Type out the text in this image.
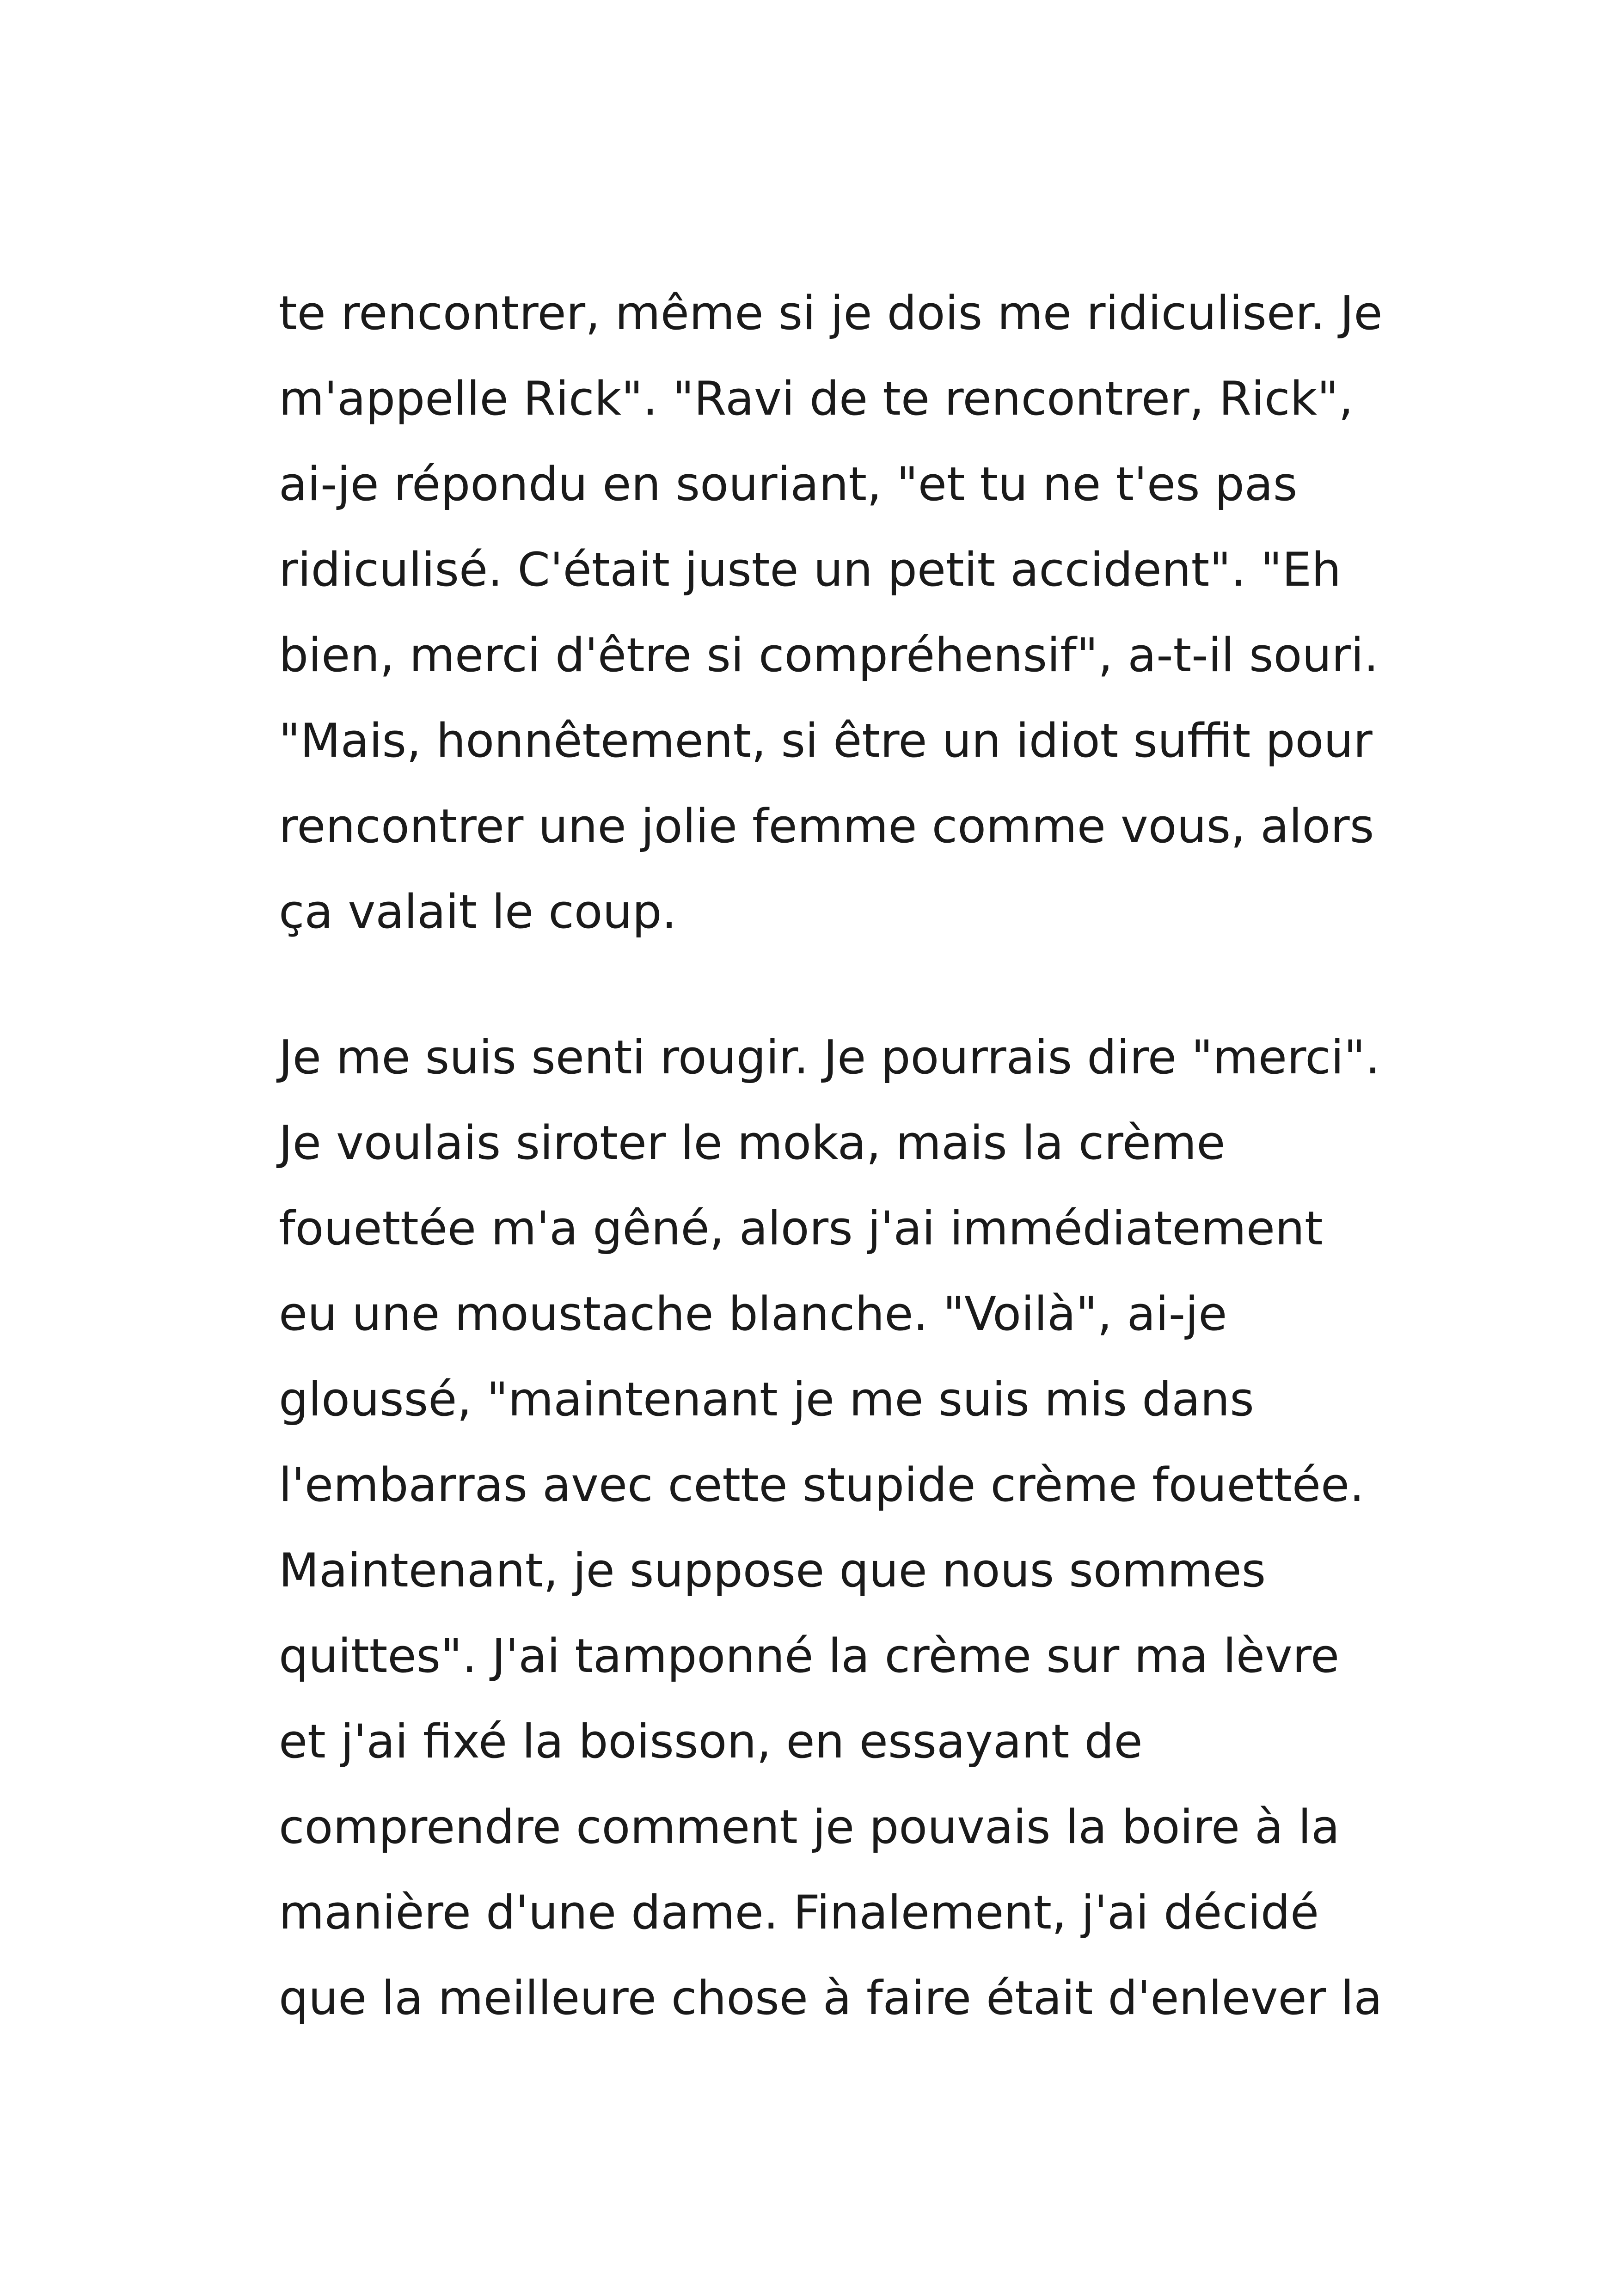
te rencontrer, même si je dois me ridiculiser. Je
m'appelle Rick". "Ravi de te rencontrer, Rick",
ai-je répondu en souriant, "et tu ne t'es pas
ridiculisé. C'était juste un petit accident". "Eh
bien, merci d'être si compréhensif", a-t-il souri.
"Mais, honnêtement, si être un idiot suffit pour
rencontrer une jolie femme comme vous, alors
ça valait le coup.
Je me suis senti rougir. Je pourrais dire "merci".
Je voulais siroter le moka, mais la crème
fouettée m'a gêné, alors j'ai immédiatement
eu une moustache blanche. "Voilà", ai-je
gloussé, "maintenant je me suis mis dans
l'embarras avec cette stupide crème fouettée.
Maintenant, je suppose que nous sommes
quittes". J'ai tamponné la crème sur ma lèvre
et j'ai fixé la boisson, en essayant de
comprendre comment je pouvais la boire à la
manière d'une dame. Finalement, j'ai décidé
que la meilleure chose à faire était d'enlever la
